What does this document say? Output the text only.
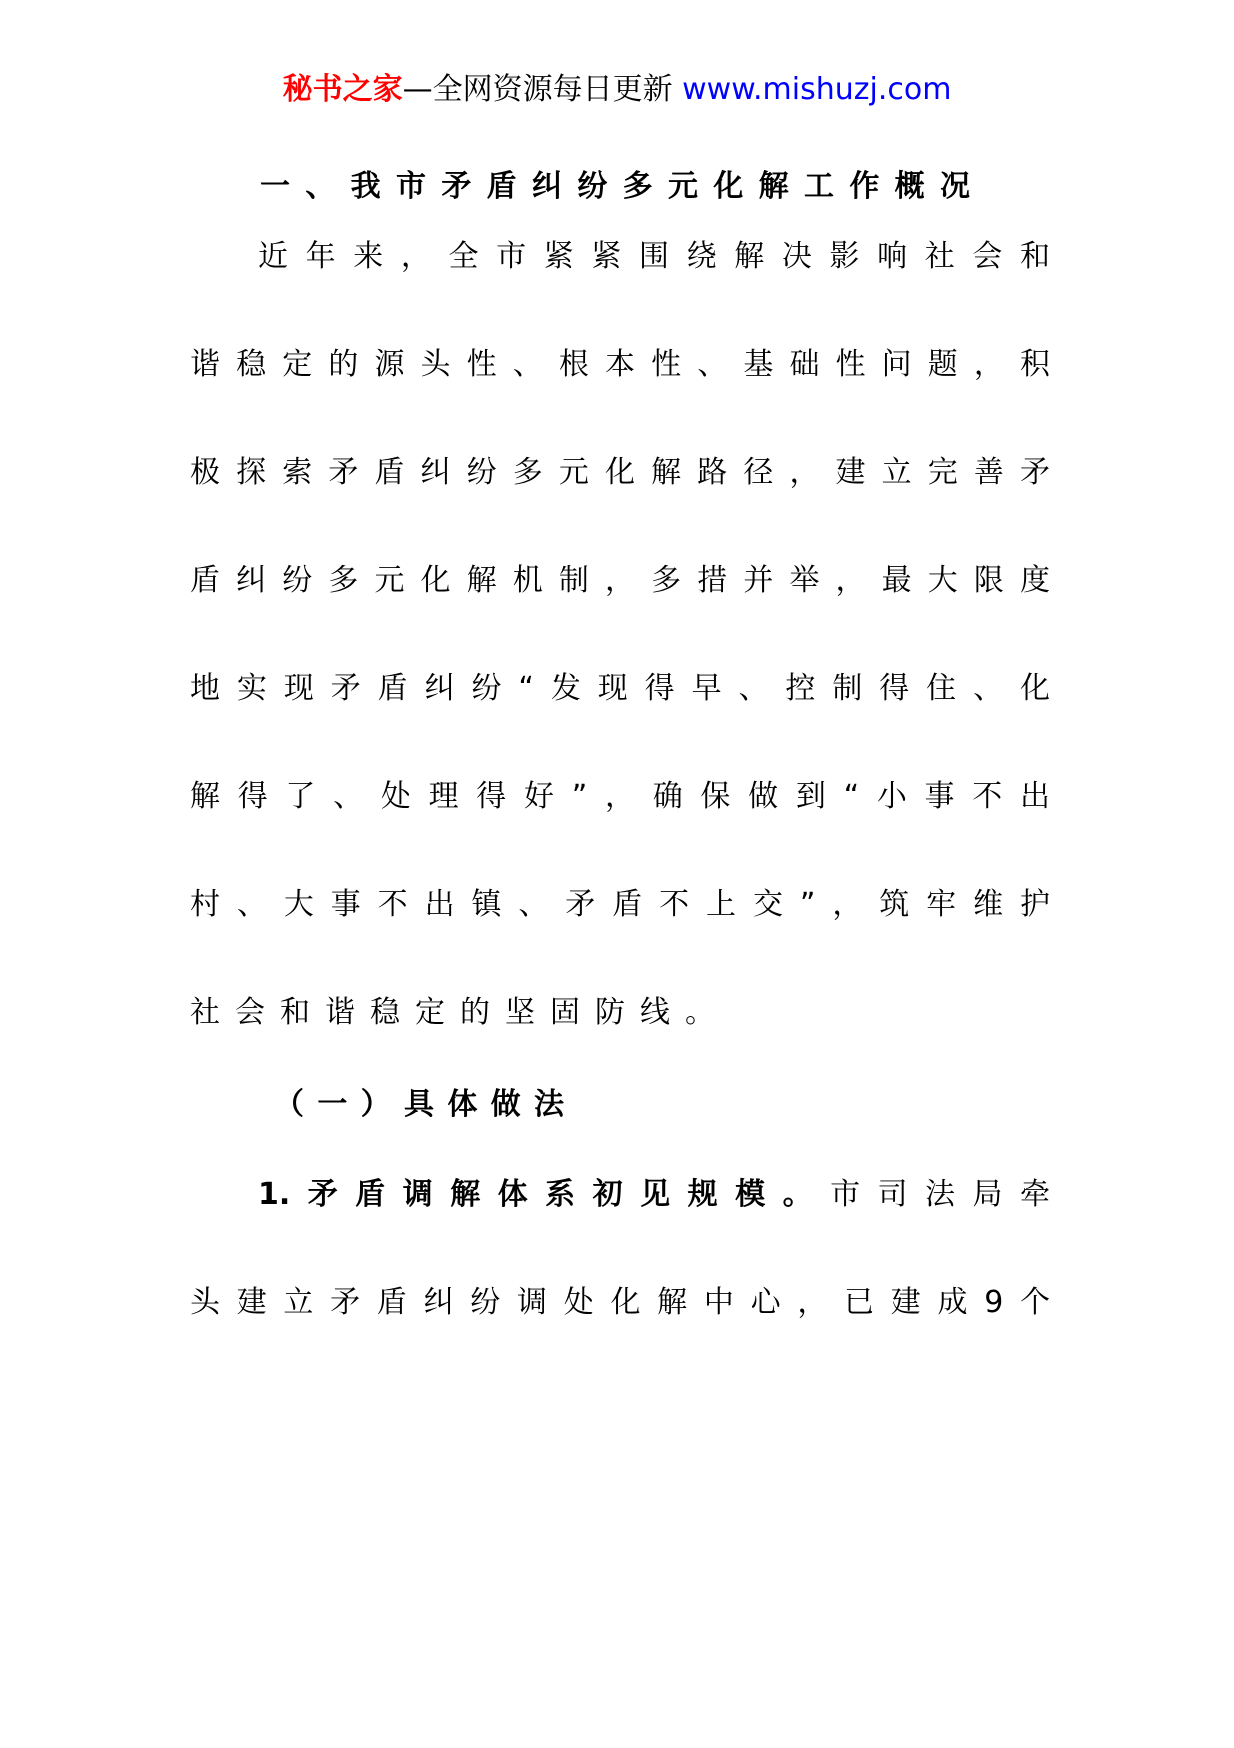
秘书之家—全网资源每日更新 www.mishuzj.com
一、我市矛盾纠纷多元化解工作概况
近年来，全市紧紧围绕解决影响社会和
谐稳定的源头性、根本性、基础性问题，积
极探索矛盾纠纷多元化解路径，建立完善矛
盾纠纷多元化解机制，多措并举，最大限度
地实现矛盾纠纷“发现得早、控制得住、化
解得了、处理得好”，确保做到“小事不出
村、大事不出镇、矛盾不上交”，筑牢维护
社会和谐稳定的坚固防线。
（一）具体做法
1.矛盾调解体系初见规模。市司法局牵
头建立矛盾纠纷调处化解中心，已建成9个
